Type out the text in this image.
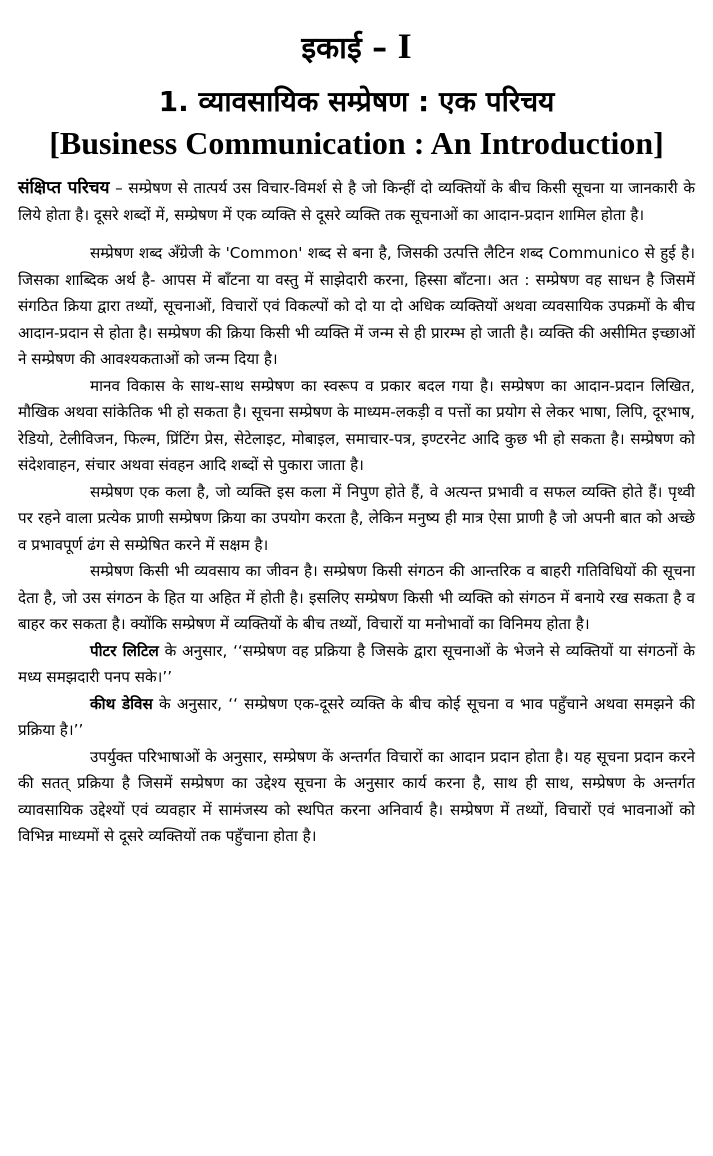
इकाई – I
1. व्यावसायिक सम्प्रेषण : एक परिचय
[Business Communication : An Introduction]

संक्षिप्त परिचय – सम्प्रेषण से तात्पर्य उस विचार-विमर्श से है जो किन्हीं दो व्यक्तियों के बीच किसी सूचना या जानकारी के लिये होता है। दूसरे शब्दों में, सम्प्रेषण में एक व्यक्ति से दूसरे व्यक्ति तक सूचनाओं का आदान-प्रदान शामिल होता है।

सम्प्रेषण शब्द अँग्रेजी के 'Common' शब्द से बना है, जिसकी उत्पत्ति लैटिन शब्द Communico से हुई है। जिसका शाब्दिक अर्थ है- आपस में बाँटना या वस्तु में साझेदारी करना, हिस्सा बाँटना। अत : सम्प्रेषण वह साधन है जिसमें संगठित क्रिया द्वारा तथ्यों, सूचनाओं, विचारों एवं विकल्पों को दो या दो अधिक व्यक्तियों अथवा व्यवसायिक उपक्रमों के बीच आदान-प्रदान से होता है। सम्प्रेषण की क्रिया किसी भी व्यक्ति में जन्म से ही प्रारम्भ हो जाती है। व्यक्ति की असीमित इच्छाओं ने सम्प्रेषण की आवश्यकताओं को जन्म दिया है।

मानव विकास के साथ-साथ सम्प्रेषण का स्वरूप व प्रकार बदल गया है। सम्प्रेषण का आदान-प्रदान लिखित, मौखिक अथवा सांकेतिक भी हो सकता है। सूचना सम्प्रेषण के माध्यम-लकड़ी व पत्तों का प्रयोग से लेकर भाषा, लिपि, दूरभाष, रेडियो, टेलीविजन, फिल्म, प्रिंटिंग प्रेस, सेटेलाइट, मोबाइल, समाचार-पत्र, इण्टरनेट आदि कुछ भी हो सकता है। सम्प्रेषण को संदेशवाहन, संचार अथवा संवहन आदि शब्दों से पुकारा जाता है।

सम्प्रेषण एक कला है, जो व्यक्ति इस कला में निपुण होते हैं, वे अत्यन्त प्रभावी व सफल व्यक्ति होते हैं। पृथ्वी पर रहने वाला प्रत्येक प्राणी सम्प्रेषण क्रिया का उपयोग करता है, लेकिन मनुष्य ही मात्र ऐसा प्राणी है जो अपनी बात को अच्छे व प्रभावपूर्ण ढंग से सम्प्रेषित करने में सक्षम है।

सम्प्रेषण किसी भी व्यवसाय का जीवन है। सम्प्रेषण किसी संगठन की आन्तरिक व बाहरी गतिविधियों की सूचना देता है, जो उस संगठन के हित या अहित में होती है। इसलिए सम्प्रेषण किसी भी व्यक्ति को संगठन में बनाये रख सकता है व बाहर कर सकता है। क्योंकि सम्प्रेषण में व्यक्तियों के बीच तथ्यों, विचारों या मनोभावों का विनिमय होता है।

पीटर लिटिल के अनुसार, ‘‘सम्प्रेषण वह प्रक्रिया है जिसके द्वारा सूचनाओं के भेजने से व्यक्तियों या संगठनों के मध्य समझदारी पनप सके।’’

कीथ डेविस के अनुसार, ‘‘ सम्प्रेषण एक-दूसरे व्यक्ति के बीच कोई सूचना व भाव पहुँचाने अथवा समझने की प्रक्रिया है।’’

उपर्युक्त परिभाषाओं के अनुसार, सम्प्रेषण कें अन्तर्गत विचारों का आदान प्रदान होता है। यह सूचना प्रदान करने की सतत् प्रक्रिया है जिसमें सम्प्रेषण का उद्देश्य सूचना के अनुसार कार्य करना है, साथ ही साथ, सम्प्रेषण के अन्तर्गत व्यावसायिक उद्देश्यों एवं व्यवहार में सामंजस्य को स्थपित करना अनिवार्य है। सम्प्रेषण में तथ्यों, विचारों एवं भावनाओं को विभिन्न माध्यमों से दूसरे व्यक्तियों तक पहुँचाना होता है।
